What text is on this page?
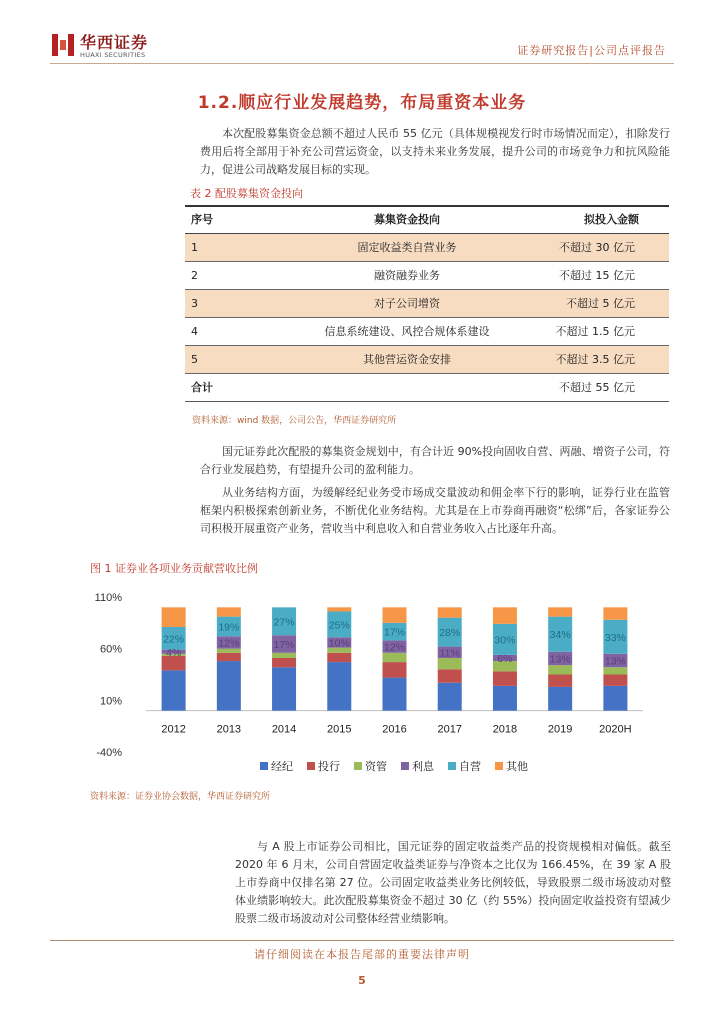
华西证券
HUAXI SECURITIES	证券研究报告|公司点评报告
1.2.顺应行业发展趋势，布局重资本业务
本次配股募集资金总额不超过人民币 55 亿元（具体规模视发行时市场情况而定），扣除发行费用后将全部用于补充公司营运资金，以支持未来业务发展，提升公司的市场竞争力和抗风险能力，促进公司战略发展目标的实现。
表 2 配股募集资金投向
序号	募集资金投向	拟投入金额
1	固定收益类自营业务	不超过 30 亿元
2	融资融券业务	不超过 15 亿元
3	对子公司增资	不超过 5 亿元
4	信息系统建设、风控合规体系建设	不超过 1.5 亿元
5	其他营运资金安排	不超过 3.5 亿元
合计		不超过 55 亿元
资料来源：wind 数据，公司公告，华西证券研究所
国元证券此次配股的募集资金规划中，有合计近 90%投向固收自营、两融、增资子公司，符合行业发展趋势，有望提升公司的盈利能力。
从业务结构方面，为缓解经纪业务受市场成交量波动和佣金率下行的影响，证券行业在监管框架内积极探索创新业务，不断优化业务结构。尤其是在上市券商再融资“松绑”后，各家证券公司积极开展重资产业务，营收当中利息收入和自营业务收入占比逐年升高。
图 1 证券业各项业务贡献营收比例
110%
60%
10%
-40%
22%
4%
2012
19%
12%
2013
27%
17%
2014
25%
10%
2015
17%
12%
2016
28%
11%
2017
30%
6%
2018
34%
13%
2019
33%
13%
2020H
经纪 投行 资管 利息 自营 其他
资料来源：证券业协会数据，华西证券研究所
与 A 股上市证券公司相比，国元证券的固定收益类产品的投资规模相对偏低。截至 2020 年 6 月末，公司自营固定收益类证券与净资本之比仅为 166.45%，在 39 家 A 股上市券商中仅排名第 27 位。公司固定收益类业务比例较低，导致股票二级市场波动对整体业绩影响较大。此次配股募集资金不超过 30 亿（约 55%）投向固定收益投资有望减少股票二级市场波动对公司整体经营业绩影响。
请仔细阅读在本报告尾部的重要法律声明
5
